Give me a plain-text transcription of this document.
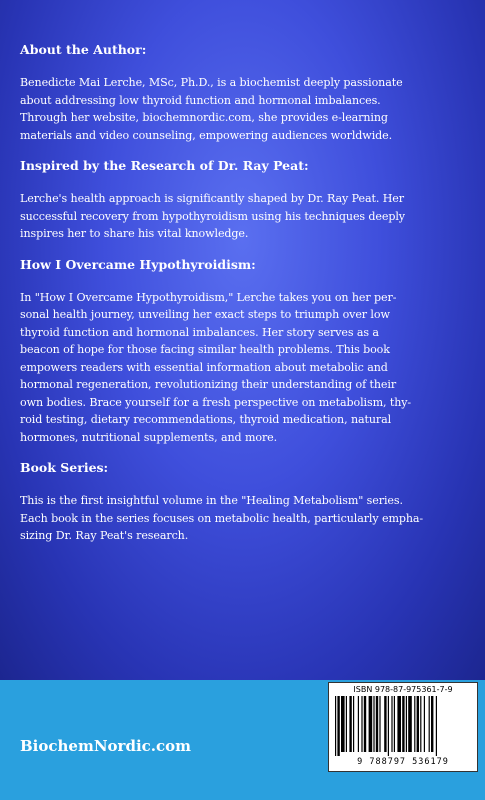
About the Author:

Benedicte Mai Lerche, MSc, Ph.D., is a biochemist deeply passionate
about addressing low thyroid function and hormonal imbalances.
Through her website, biochemnordic.com, she provides e-learning
materials and video counseling, empowering audiences worldwide.

Inspired by the Research of Dr. Ray Peat:

Lerche's health approach is significantly shaped by Dr. Ray Peat. Her
successful recovery from hypothyroidism using his techniques deeply
inspires her to share his vital knowledge.

How I Overcame Hypothyroidism:

In "How I Overcame Hypothyroidism," Lerche takes you on her per-
sonal health journey, unveiling her exact steps to triumph over low
thyroid function and hormonal imbalances. Her story serves as a
beacon of hope for those facing similar health problems. This book
empowers readers with essential information about metabolic and
hormonal regeneration, revolutionizing their understanding of their
own bodies. Brace yourself for a fresh perspective on metabolism, thy-
roid testing, dietary recommendations, thyroid medication, natural
hormones, nutritional supplements, and more.

Book Series:

This is the first insightful volume in the "Healing Metabolism" series.
Each book in the series focuses on metabolic health, particularly empha-
sizing Dr. Ray Peat's research.

BiochemNordic.com
ISBN 978-87-975361-7-9
9 788797 536179
